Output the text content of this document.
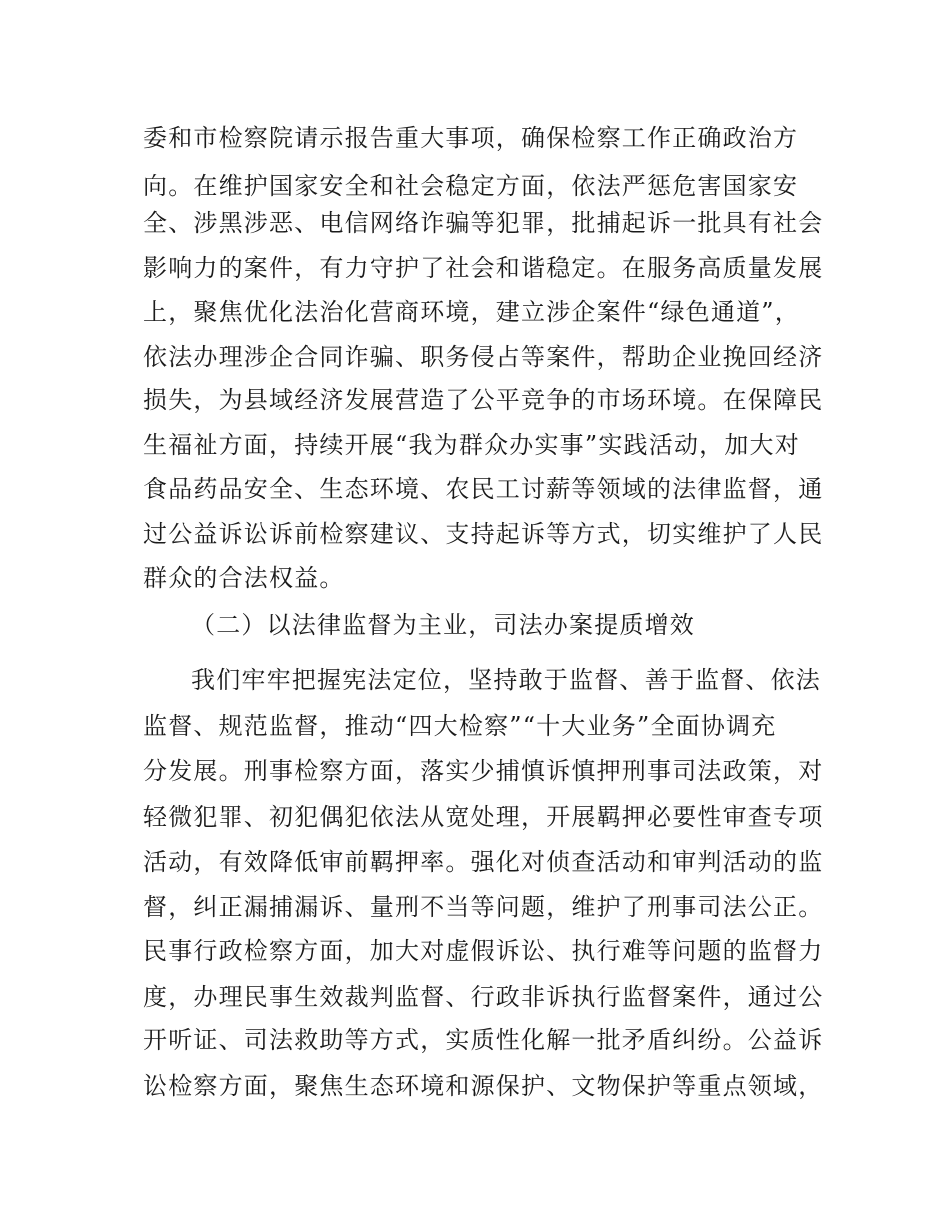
委和市检察院请示报告重大事项，确保检察工作正确政治方
向。在维护国家安全和社会稳定方面，依法严惩危害国家安
全、涉黑涉恶、电信网络诈骗等犯罪，批捕起诉一批具有社会
影响力的案件，有力守护了社会和谐稳定。在服务高质量发展
上，聚焦优化法治化营商环境，建立涉企案件“绿色通道”，
依法办理涉企合同诈骗、职务侵占等案件，帮助企业挽回经济
损失，为县域经济发展营造了公平竞争的市场环境。在保障民
生福祉方面，持续开展“我为群众办实事”实践活动，加大对
食品药品安全、生态环境、农民工讨薪等领域的法律监督，通
过公益诉讼诉前检察建议、支持起诉等方式，切实维护了人民
群众的合法权益。
（二）以法律监督为主业，司法办案提质增效
我们牢牢把握宪法定位，坚持敢于监督、善于监督、依法
监督、规范监督，推动“四大检察”“十大业务”全面协调充
分发展。刑事检察方面，落实少捕慎诉慎押刑事司法政策，对
轻微犯罪、初犯偶犯依法从宽处理，开展羁押必要性审查专项
活动，有效降低审前羁押率。强化对侦查活动和审判活动的监
督，纠正漏捕漏诉、量刑不当等问题，维护了刑事司法公正。
民事行政检察方面，加大对虚假诉讼、执行难等问题的监督力
度，办理民事生效裁判监督、行政非诉执行监督案件，通过公
开听证、司法救助等方式，实质性化解一批矛盾纠纷。公益诉
讼检察方面，聚焦生态环境和源保护、文物保护等重点领域，
